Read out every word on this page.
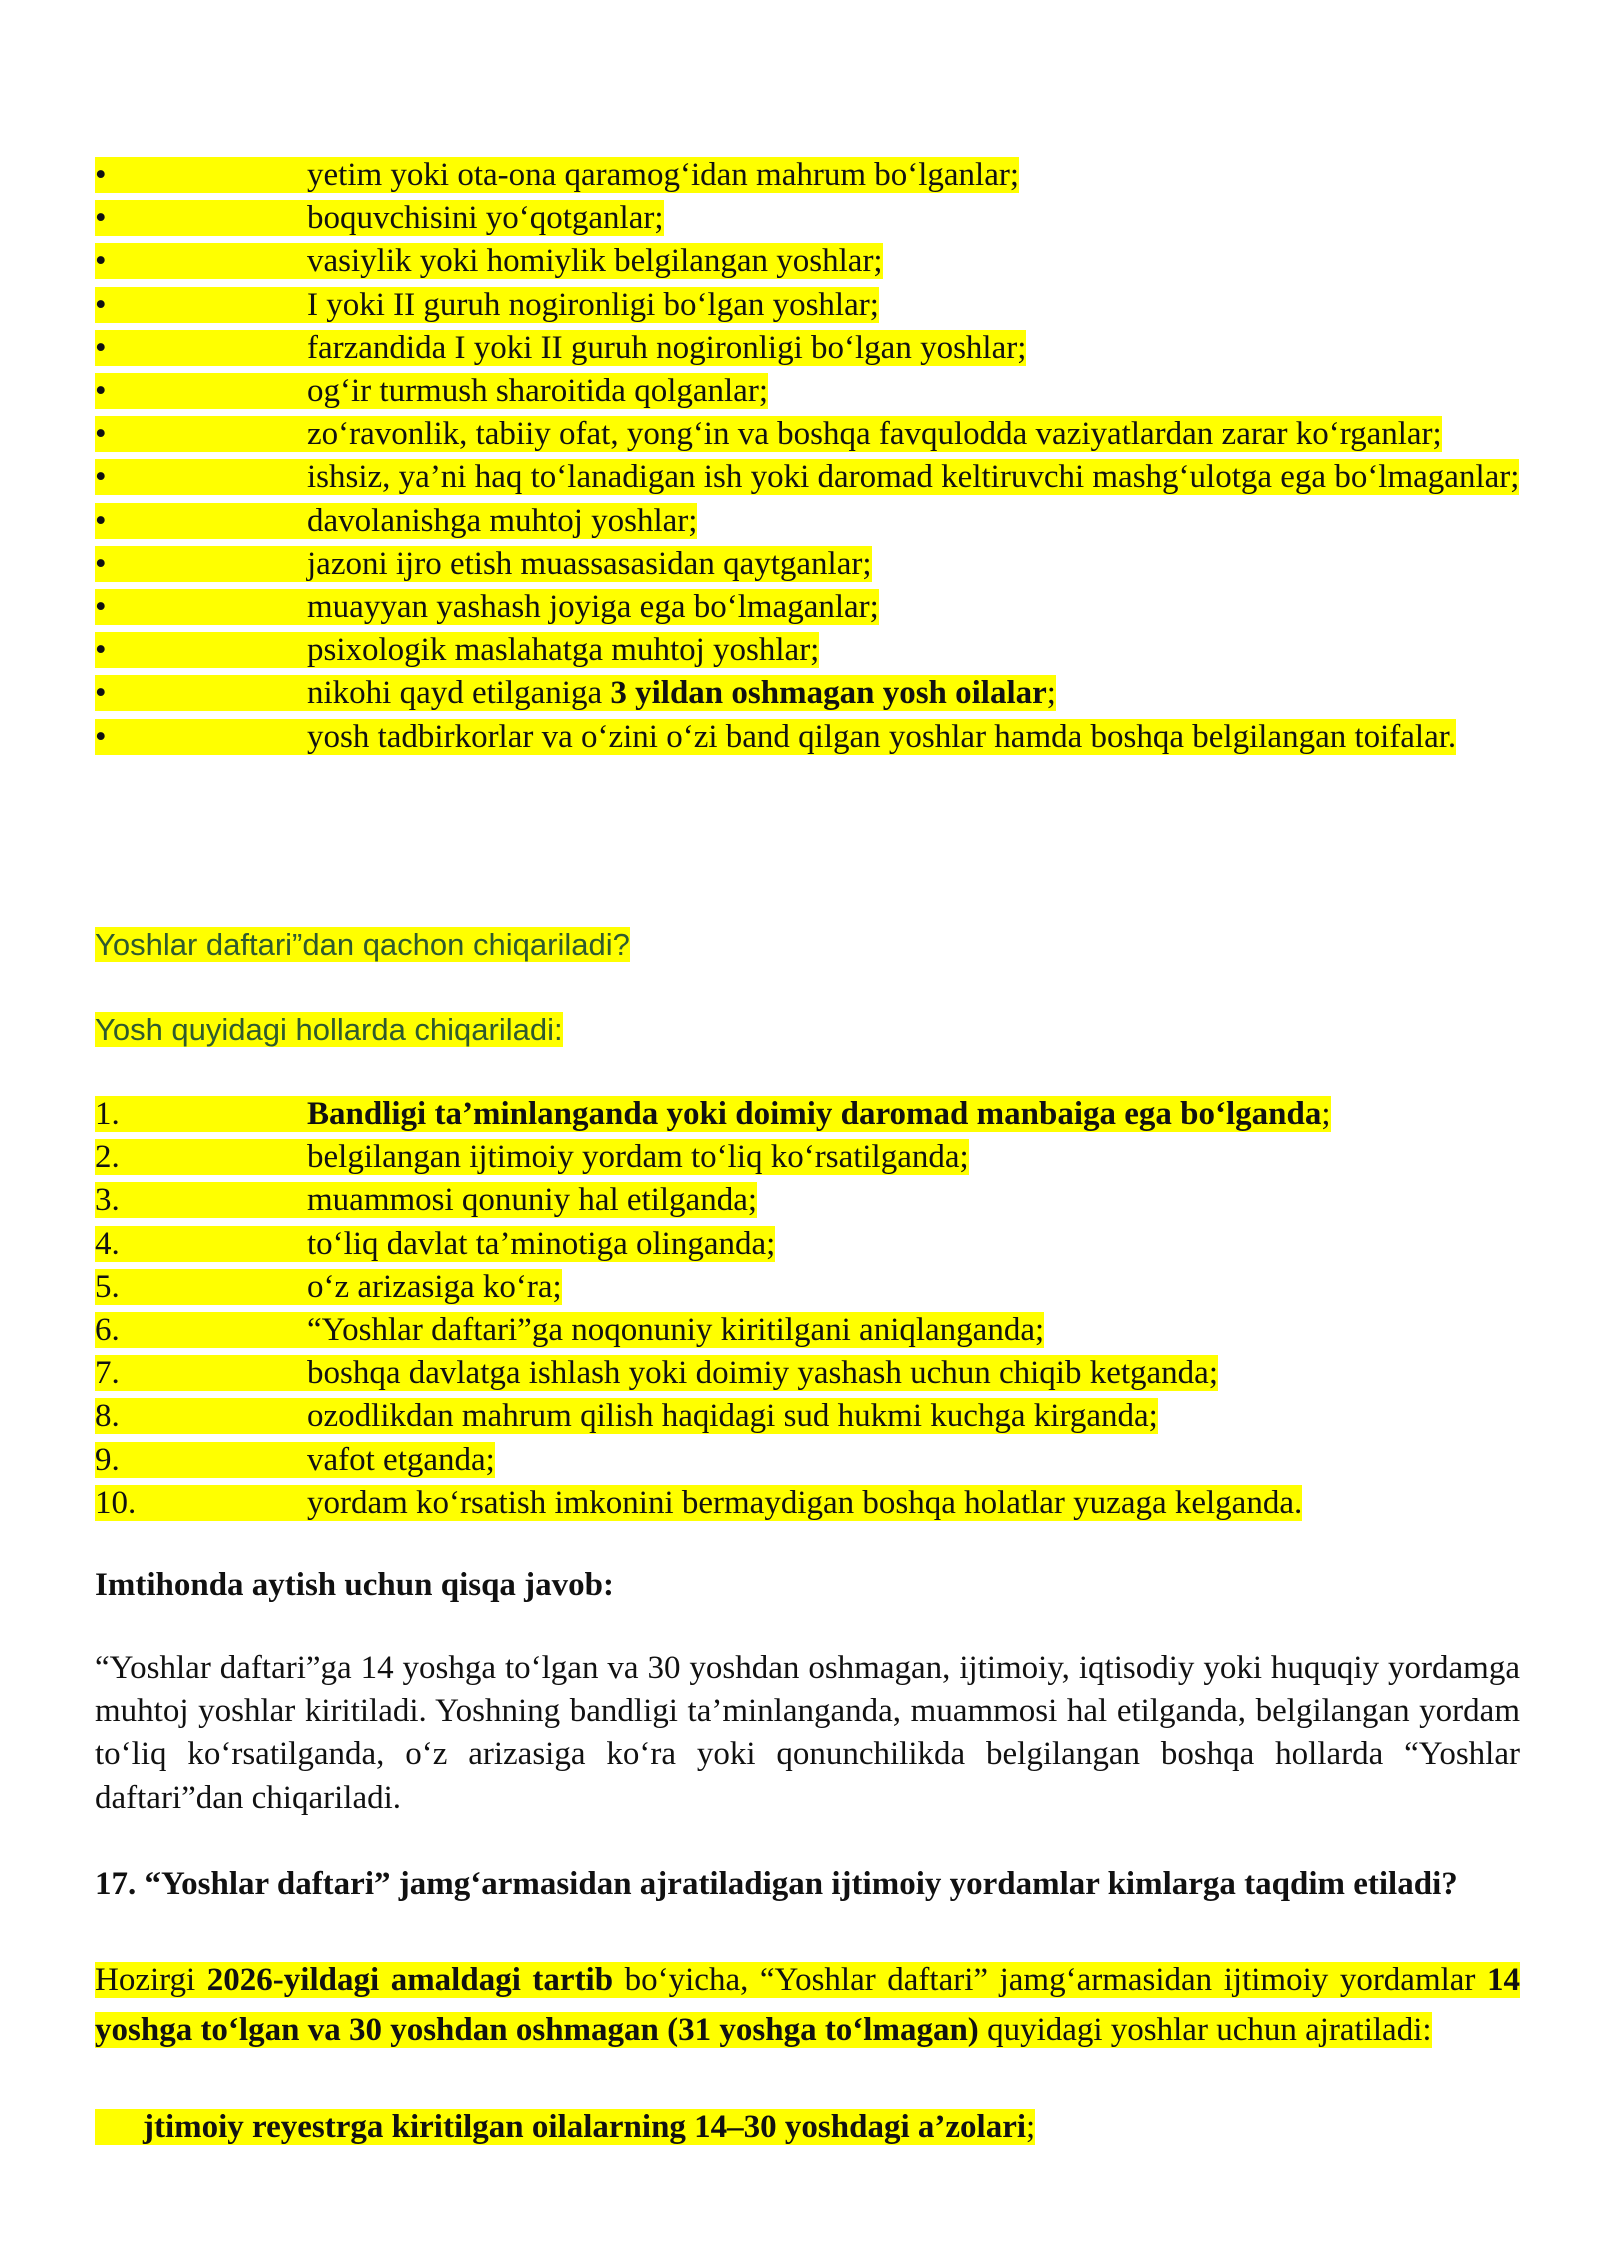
•	yetim yoki ota-ona qaramog‘idan mahrum bo‘lganlar;
•	boquvchisini yo‘qotganlar;
•	vasiylik yoki homiylik belgilangan yoshlar;
•	I yoki II guruh nogironligi bo‘lgan yoshlar;
•	farzandida I yoki II guruh nogironligi bo‘lgan yoshlar;
•	og‘ir turmush sharoitida qolganlar;
•	zo‘ravonlik, tabiiy ofat, yong‘in va boshqa favqulodda vaziyatlardan zarar ko‘rganlar;
•	ishsiz, ya’ni haq to‘lanadigan ish yoki daromad keltiruvchi mashg‘ulotga ega bo‘lmaganlar;
•	davolanishga muhtoj yoshlar;
•	jazoni ijro etish muassasasidan qaytganlar;
•	muayyan yashash joyiga ega bo‘lmaganlar;
•	psixologik maslahatga muhtoj yoshlar;
•	nikohi qayd etilganiga 3 yildan oshmagan yosh oilalar;
•	yosh tadbirkorlar va o‘zini o‘zi band qilgan yoshlar hamda boshqa belgilangan toifalar.
Yoshlar daftari”dan qachon chiqariladi?
Yosh quyidagi hollarda chiqariladi:
1.	Bandligi ta’minlanganda yoki doimiy daromad manbaiga ega bo‘lganda;
2.	belgilangan ijtimoiy yordam to‘liq ko‘rsatilganda;
3.	muammosi qonuniy hal etilganda;
4.	to‘liq davlat ta’minotiga olinganda;
5.	o‘z arizasiga ko‘ra;
6.	“Yoshlar daftari”ga noqonuniy kiritilgani aniqlanganda;
7.	boshqa davlatga ishlash yoki doimiy yashash uchun chiqib ketganda;
8.	ozodlikdan mahrum qilish haqidagi sud hukmi kuchga kirganda;
9.	vafot etganda;
10.	yordam ko‘rsatish imkonini bermaydigan boshqa holatlar yuzaga kelganda.
Imtihonda aytish uchun qisqa javob:
“Yoshlar daftari”ga 14 yoshga to‘lgan va 30 yoshdan oshmagan, ijtimoiy, iqtisodiy yoki huquqiy yordamga muhtoj yoshlar kiritiladi. Yoshning bandligi ta’minlanganda, muammosi hal etilganda, belgilangan yordam to‘liq ko‘rsatilganda, o‘z arizasiga ko‘ra yoki qonunchilikda belgilangan boshqa hollarda “Yoshlar daftari”dan chiqariladi.
17. “Yoshlar daftari” jamg‘armasidan ajratiladigan ijtimoiy yordamlar kimlarga taqdim etiladi?
Hozirgi 2026-yildagi amaldagi tartib bo‘yicha, “Yoshlar daftari” jamg‘armasidan ijtimoiy yordamlar 14 yoshga to‘lgan va 30 yoshdan oshmagan (31 yoshga to‘lmagan) quyidagi yoshlar uchun ajratiladi:
jtimoiy reyestrga kiritilgan oilalarning 14–30 yoshdagi a’zolari;
